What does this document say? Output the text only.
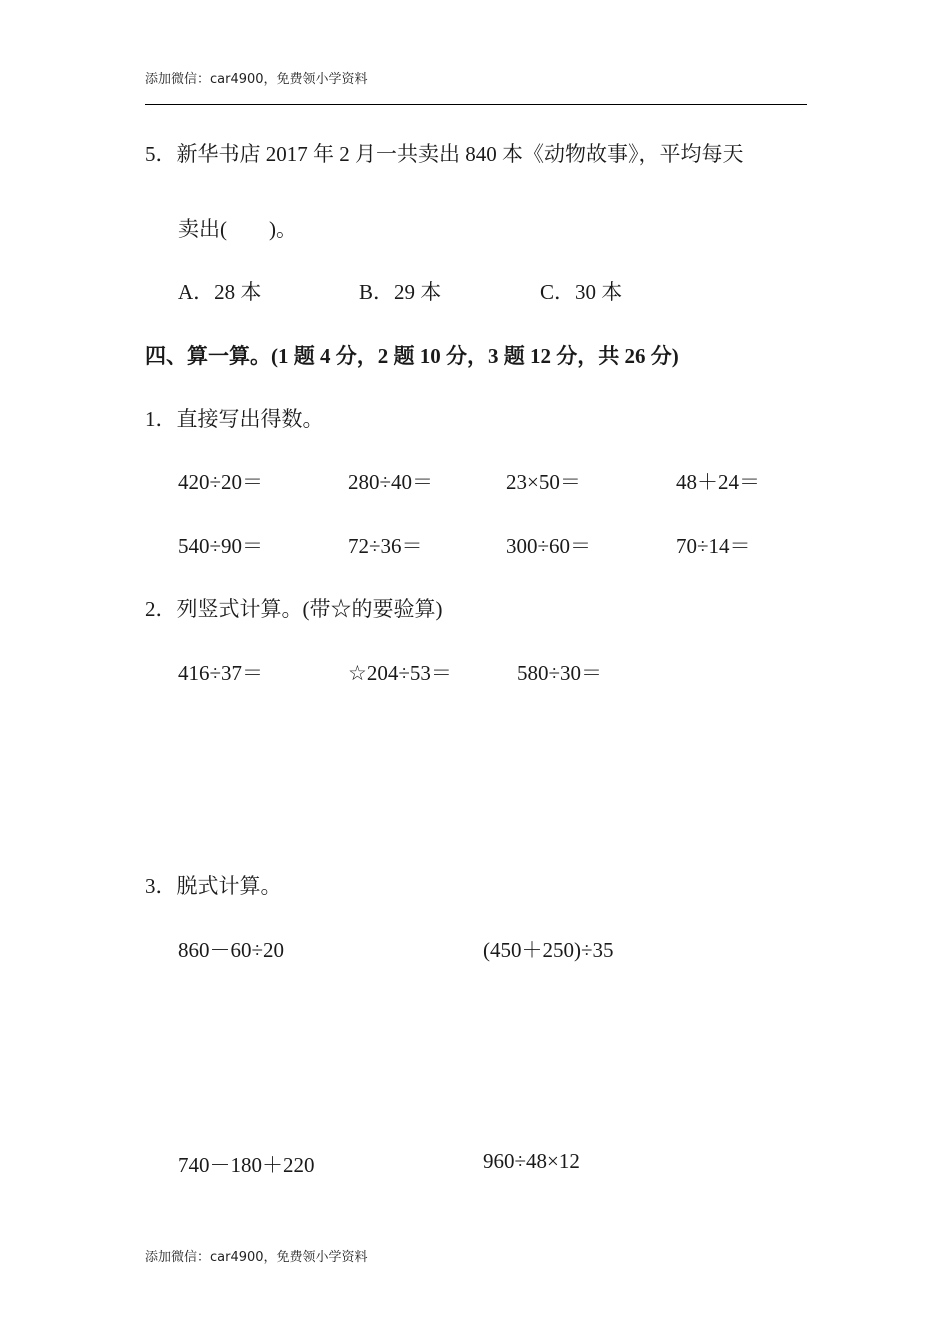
添加微信：car4900，免费领小学资料
5．新华书店 2017 年 2 月一共卖出 840 本《动物故事》，平均每天
卖出(　　)。
A．28 本	B．29 本	C．30 本
四、算一算。(1 题 4 分，2 题 10 分，3 题 12 分，共 26 分)
1．直接写出得数。
420÷20＝	280÷40＝	23×50＝	48＋24＝
540÷90＝	72÷36＝	300÷60＝	70÷14＝
2．列竖式计算。(带☆的要验算)
416÷37＝	☆204÷53＝	580÷30＝
3．脱式计算。
860－60÷20	(450＋250)÷35
740－180＋220	960÷48×12
添加微信：car4900，免费领小学资料
